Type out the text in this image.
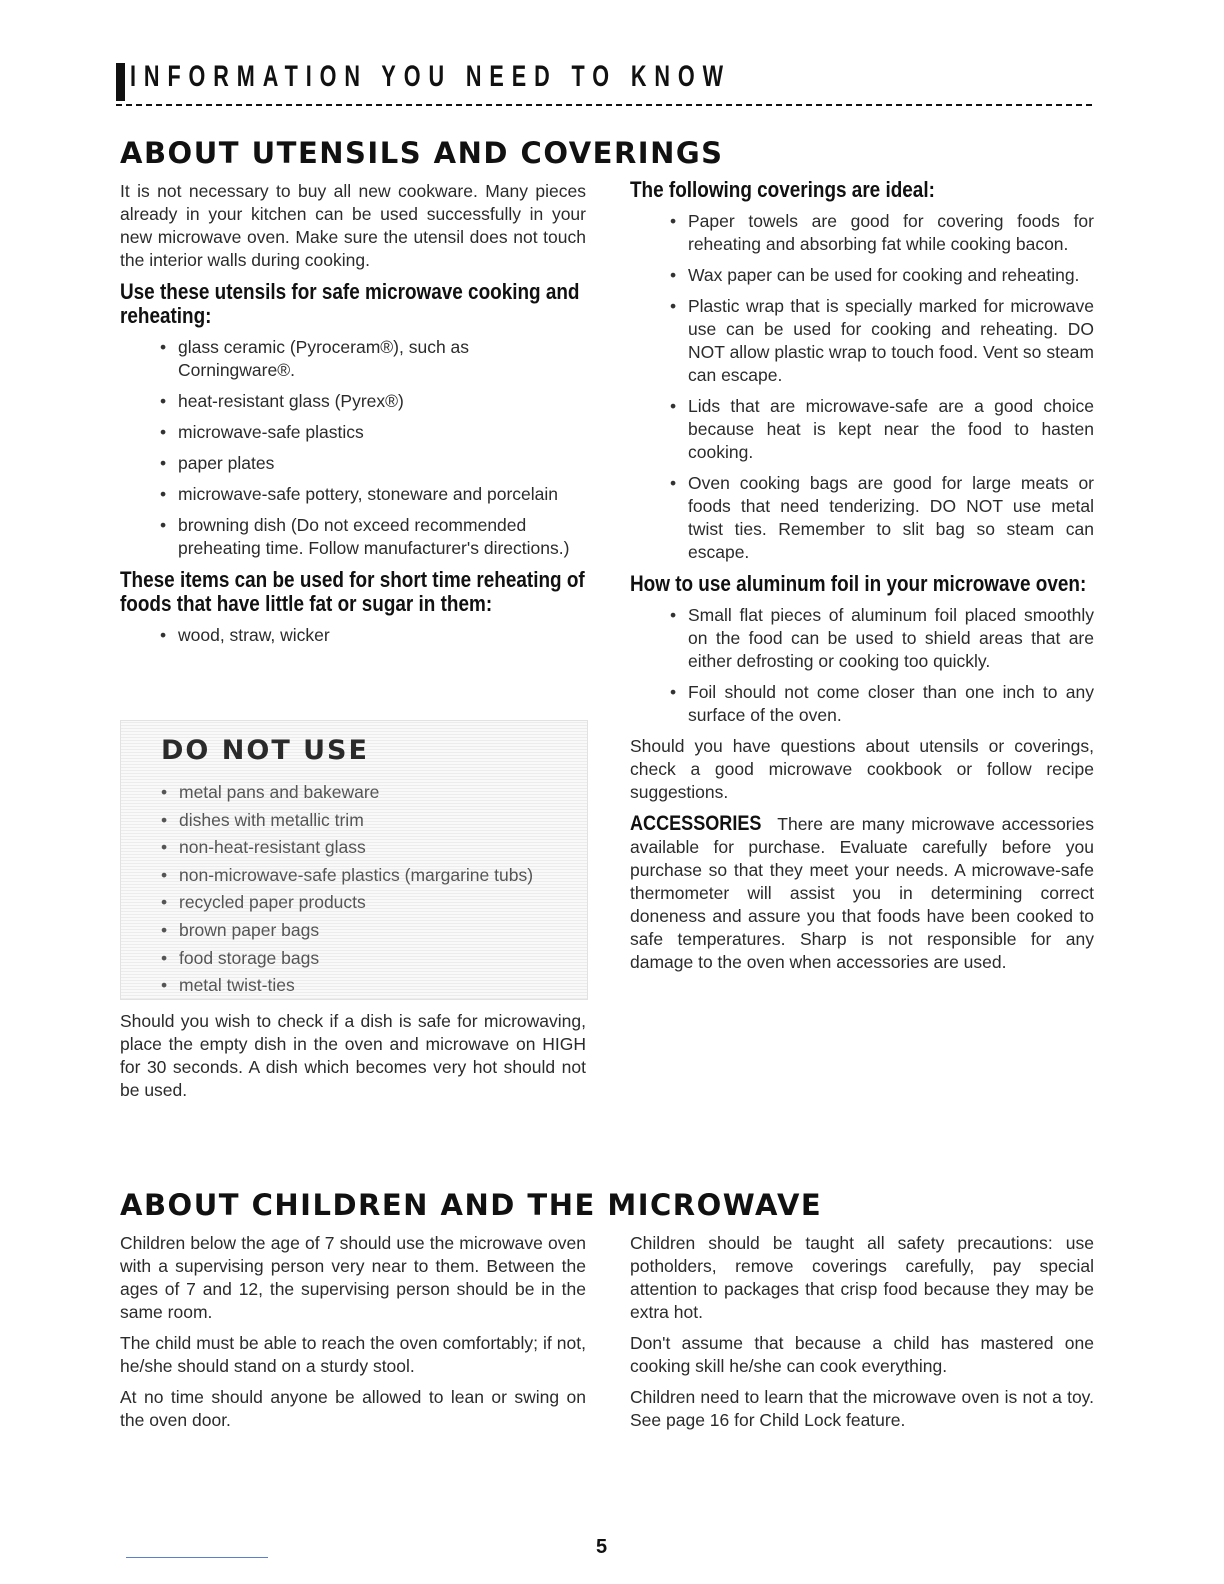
INFORMATION YOU NEED TO KNOW
ABOUT UTENSILS AND COVERINGS

It is not necessary to buy all new cookware. Many pieces already in your kitchen can be used successfully in your new microwave oven. Make sure the utensil does not touch the interior walls during cooking.

Use these utensils for safe microwave cooking and reheating:
• glass ceramic (Pyroceram®), such as Corningware®.
• heat-resistant glass (Pyrex®)
• microwave-safe plastics
• paper plates
• microwave-safe pottery, stoneware and porcelain
• browning dish (Do not exceed recommended preheating time. Follow manufacturer's directions.)
These items can be used for short time reheating of foods that have little fat or sugar in them:
• wood, straw, wicker
DO NOT USE
• metal pans and bakeware
• dishes with metallic trim
• non-heat-resistant glass
• non-microwave-safe plastics (margarine tubs)
• recycled paper products
• brown paper bags
• food storage bags
• metal twist-ties
Should you wish to check if a dish is safe for microwaving, place the empty dish in the oven and microwave on HIGH for 30 seconds. A dish which becomes very hot should not be used.
The following coverings are ideal:
• Paper towels are good for covering foods for reheating and absorbing fat while cooking bacon.
• Wax paper can be used for cooking and reheating.
• Plastic wrap that is specially marked for microwave use can be used for cooking and reheating. DO NOT allow plastic wrap to touch food. Vent so steam can escape.
• Lids that are microwave-safe are a good choice because heat is kept near the food to hasten cooking.
• Oven cooking bags are good for large meats or foods that need tenderizing. DO NOT use metal twist ties. Remember to slit bag so steam can escape.
How to use aluminum foil in your microwave oven:
• Small flat pieces of aluminum foil placed smoothly on the food can be used to shield areas that are either defrosting or cooking too quickly.
• Foil should not come closer than one inch to any surface of the oven.

Should you have questions about utensils or coverings, check a good microwave cookbook or follow recipe suggestions.

ACCESSORIES There are many microwave accessories available for purchase. Evaluate carefully before you purchase so that they meet your needs. A microwave-safe thermometer will assist you in determining correct doneness and assure you that foods have been cooked to safe temperatures. Sharp is not responsible for any damage to the oven when accessories are used.

ABOUT CHILDREN AND THE MICROWAVE

Children below the age of 7 should use the microwave oven with a supervising person very near to them. Between the ages of 7 and 12, the supervising person should be in the same room.

The child must be able to reach the oven comfortably; if not, he/she should stand on a sturdy stool.

At no time should anyone be allowed to lean or swing on the oven door.

Children should be taught all safety precautions: use potholders, remove coverings carefully, pay special attention to packages that crisp food because they may be extra hot.

Don't assume that because a child has mastered one cooking skill he/she can cook everything.

Children need to learn that the microwave oven is not a toy. See page 16 for Child Lock feature.

5
